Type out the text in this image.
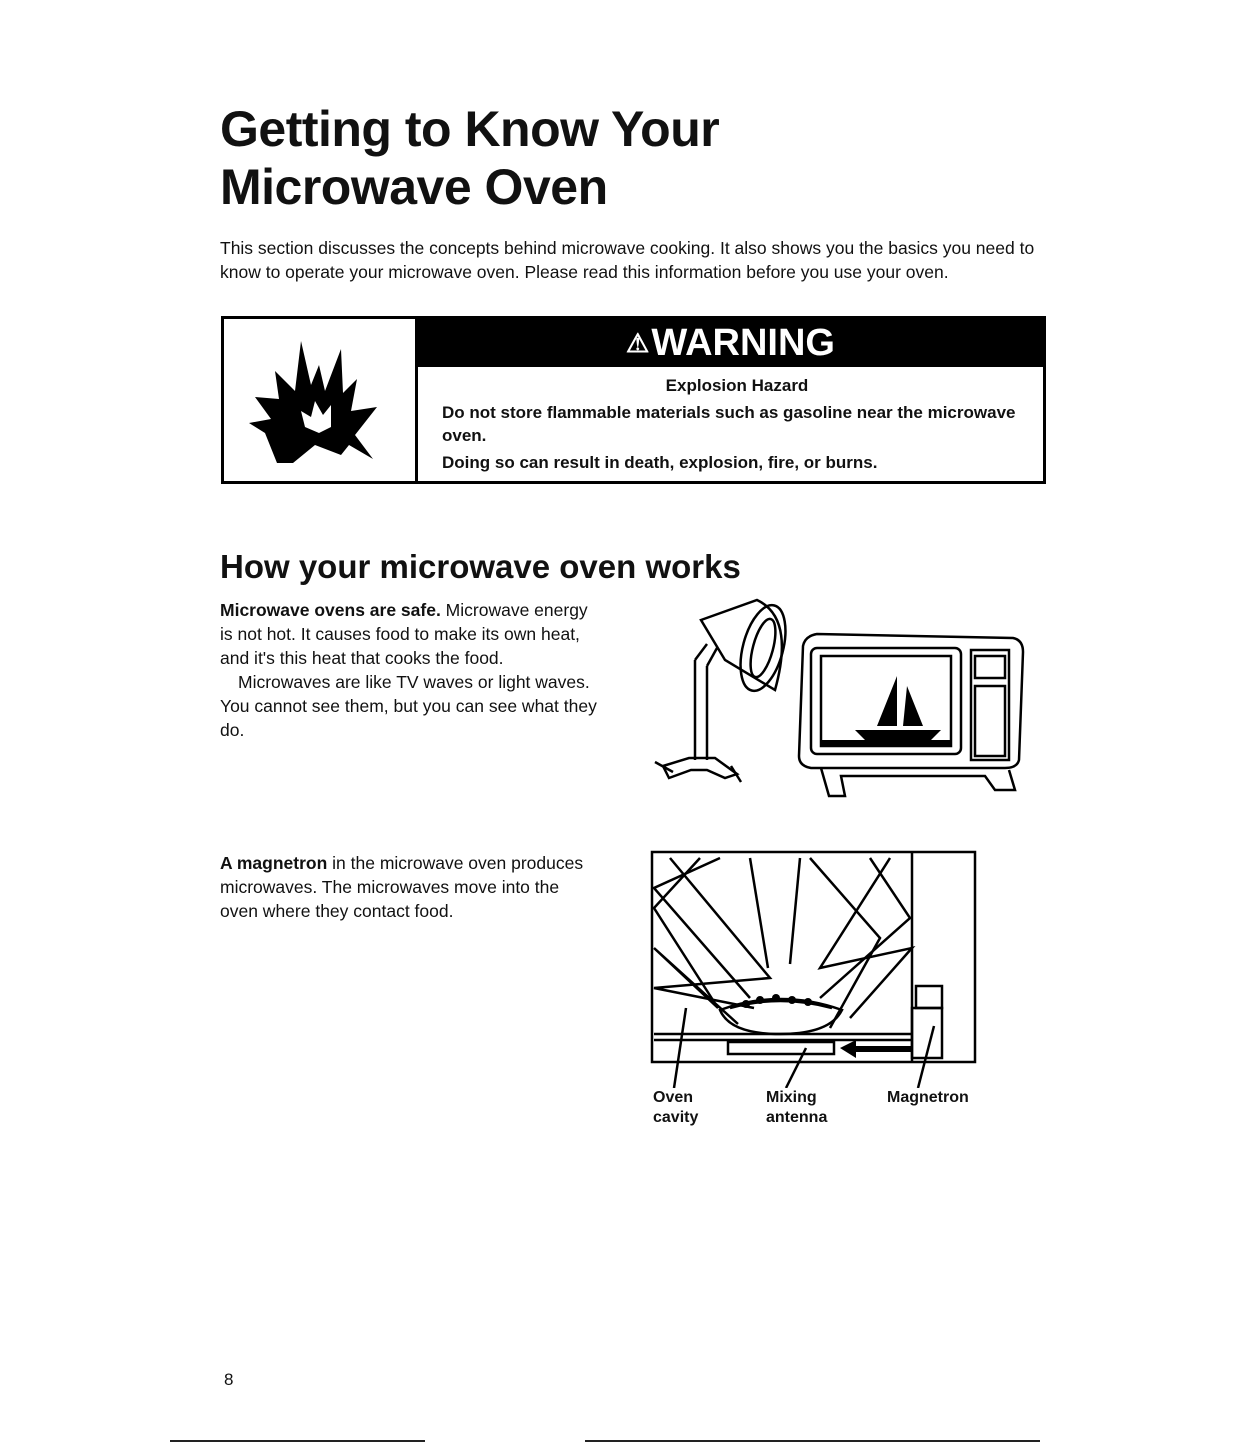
Getting to Know Your
Microwave Oven
This section discusses the concepts behind microwave cooking. It also shows you the basics you need to know to operate your microwave oven. Please read this information before you use your oven.
⚠ WARNING
Explosion Hazard

Do not store flammable materials such as gasoline near the microwave oven.

Doing so can result in death, explosion, fire, or burns.

How your microwave oven works
Microwave ovens are safe. Microwave energy is not hot. It causes food to make its own heat, and it's this heat that cooks the food.
Microwaves are like TV waves or light waves. You cannot see them, but you can see what they do.
A magnetron in the microwave oven produces microwaves. The microwaves move into the oven where they contact food.
Oven
cavity
Mixing
antenna
Magnetron
8
